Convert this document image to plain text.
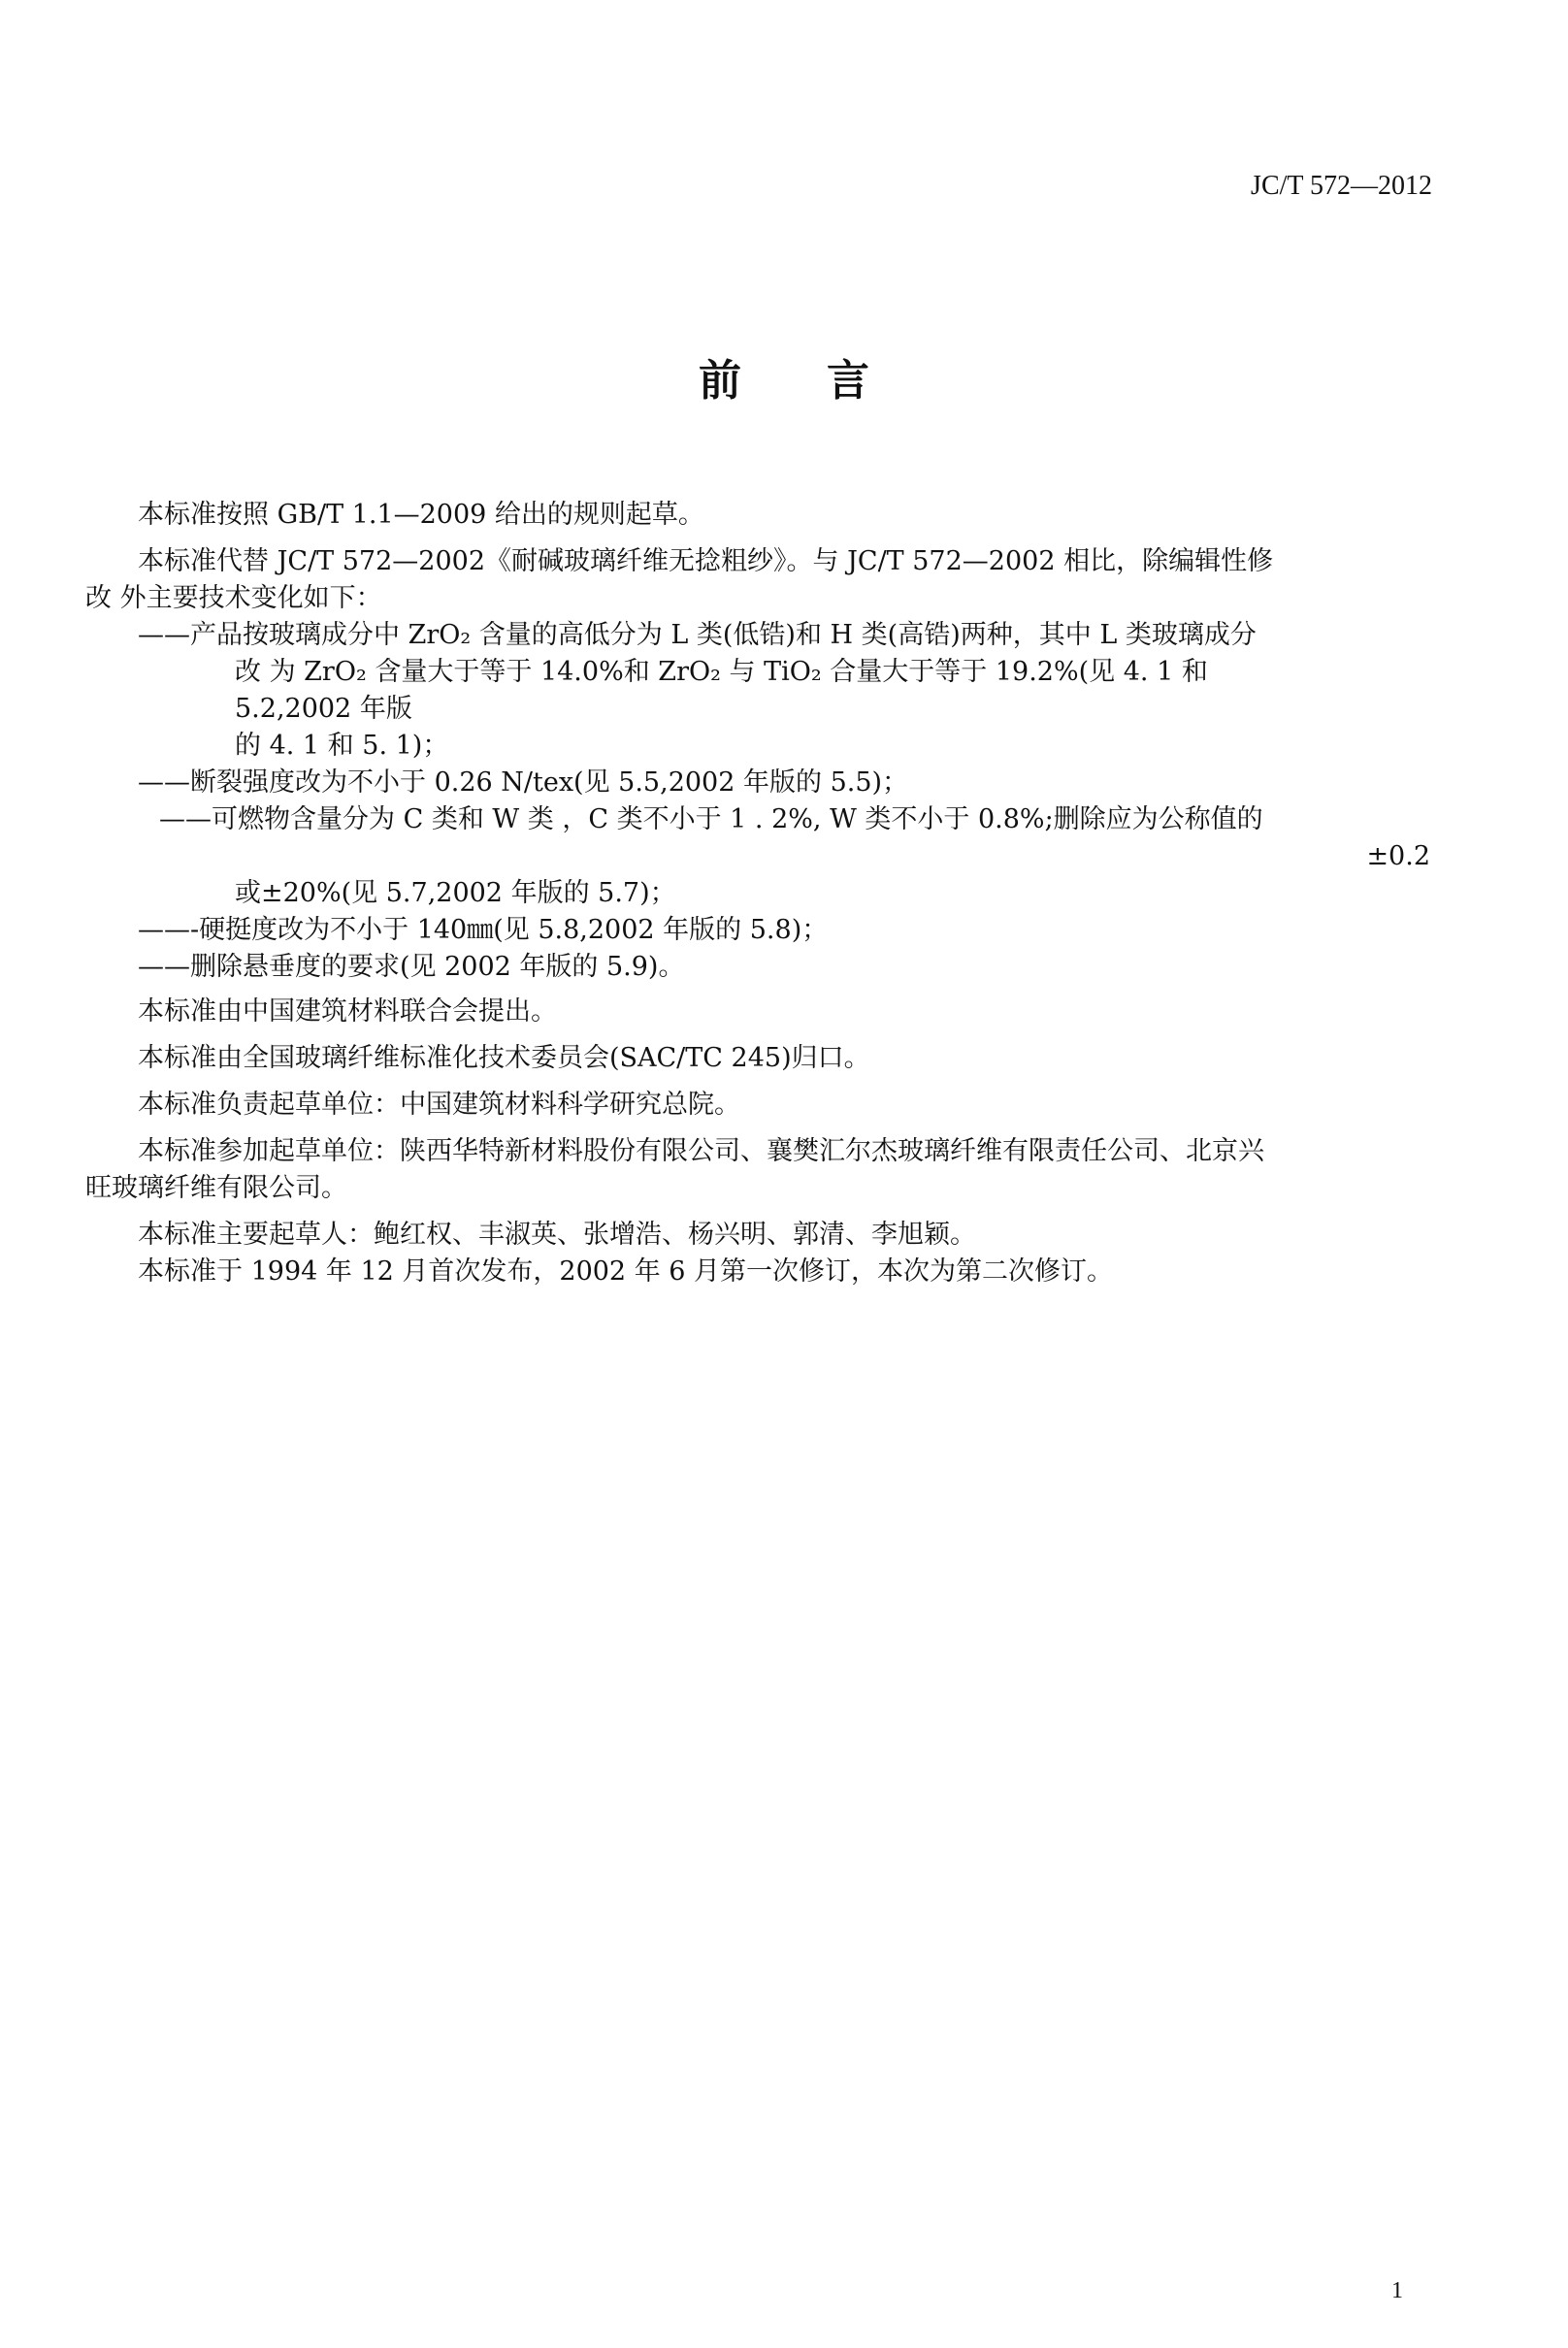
JC/T 572—2012
前言
本标准按照 GB/T 1.1—2009 给出的规则起草。
本标准代替 JC/T 572—2002《耐碱玻璃纤维无捻粗纱》。与 JC/T 572—2002 相比，除编辑性修
改 外主要技术变化如下：
——产品按玻璃成分中 ZrO₂ 含量的高低分为 L 类(低锆)和 H 类(高锆)两种，其中 L 类玻璃成分
改 为 ZrO₂ 含量大于等于 14.0%和 ZrO₂ 与 TiO₂ 合量大于等于 19.2%(见 4. 1 和
5.2,2002 年版
的 4. 1 和 5. 1)；
——断裂强度改为不小于 0.26 N/tex(见 5.5,2002 年版的 5.5)；
——可燃物含量分为 C 类和 W 类 ，C 类不小于 1 . 2%, W 类不小于 0.8%;删除应为公称值的
±0.2
或±20%(见 5.7,2002 年版的 5.7)；
——-硬挺度改为不小于 140㎜(见 5.8,2002 年版的 5.8)；
——删除悬垂度的要求(见 2002 年版的 5.9)。
本标准由中国建筑材料联合会提出。
本标准由全国玻璃纤维标准化技术委员会(SAC/TC 245)归口。
本标准负责起草单位：中国建筑材料科学研究总院。
本标准参加起草单位：陕西华特新材料股份有限公司、襄樊汇尔杰玻璃纤维有限责任公司、北京兴
旺玻璃纤维有限公司。
本标准主要起草人：鲍红权、丰淑英、张增浩、杨兴明、郭清、李旭颖。
本标准于 1994 年 12 月首次发布，2002 年 6 月第一次修订，本次为第二次修订。
1
